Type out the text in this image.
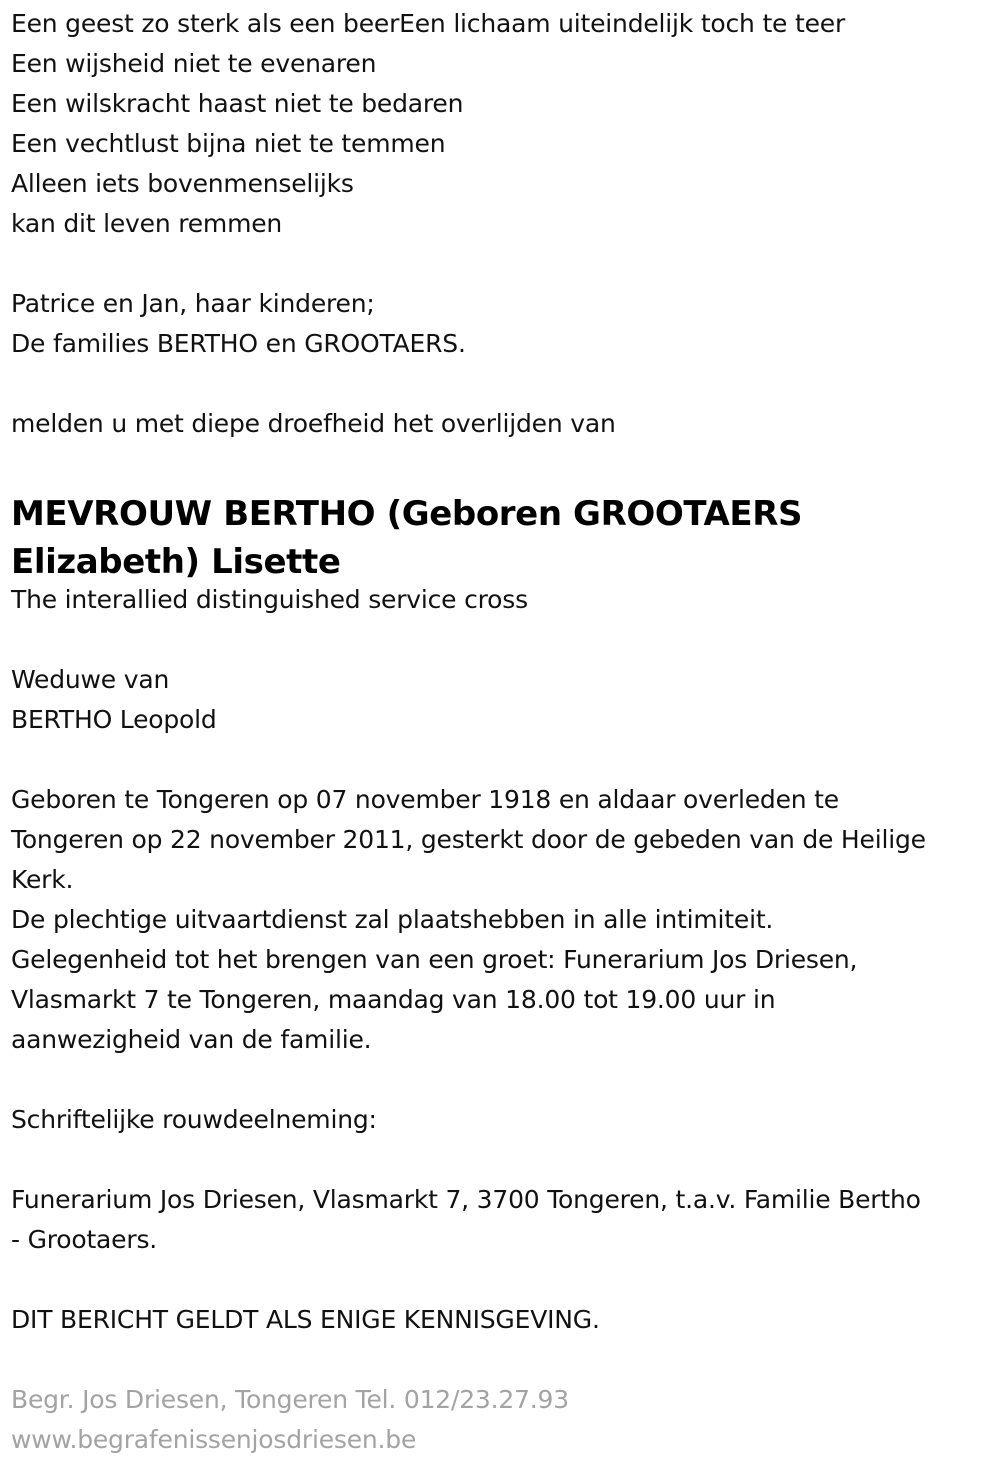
Een geest zo sterk als een beerEen lichaam uiteindelijk toch te teer
Een wijsheid niet te evenaren
Een wilskracht haast niet te bedaren
Een vechtlust bijna niet te temmen
Alleen iets bovenmenselijks
kan dit leven remmen
Patrice en Jan, haar kinderen;
De families BERTHO en GROOTAERS.
melden u met diepe droefheid het overlijden van
MEVROUW BERTHO (Geboren GROOTAERS
Elizabeth) Lisette
The interallied distinguished service cross
Weduwe van
BERTHO Leopold
Geboren te Tongeren op 07 november 1918 en aldaar overleden te
Tongeren op 22 november 2011, gesterkt door de gebeden van de Heilige
Kerk.
De plechtige uitvaartdienst zal plaatshebben in alle intimiteit.
Gelegenheid tot het brengen van een groet: Funerarium Jos Driesen,
Vlasmarkt 7 te Tongeren, maandag van 18.00 tot 19.00 uur in
aanwezigheid van de familie.
Schriftelijke rouwdeelneming:
Funerarium Jos Driesen, Vlasmarkt 7, 3700 Tongeren, t.a.v. Familie Bertho
- Grootaers.
DIT BERICHT GELDT ALS ENIGE KENNISGEVING.
Begr. Jos Driesen, Tongeren Tel. 012/23.27.93
www.begrafenissenjosdriesen.be
